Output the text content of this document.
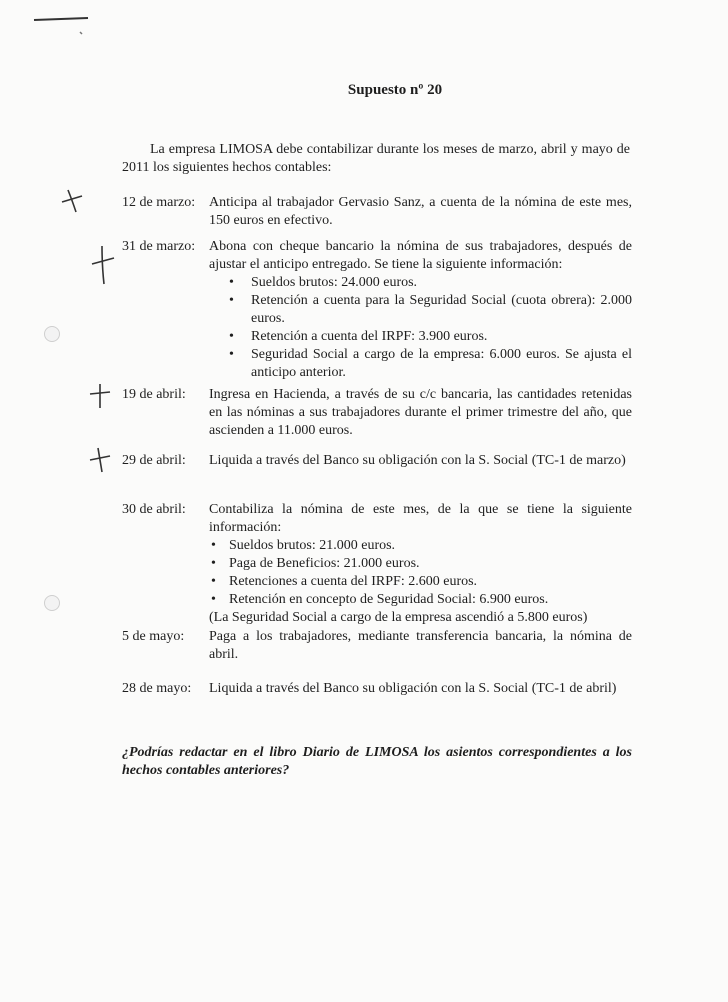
Supuesto nº 20
La empresa LIMOSA debe contabilizar durante los meses de marzo, abril y mayo de 2011 los siguientes hechos contables:
12 de marzo: Anticipa al trabajador Gervasio Sanz, a cuenta de la nómina de este mes, 150 euros en efectivo.

31 de marzo: Abona con cheque bancario la nómina de sus trabajadores, después de ajustar el anticipo entregado. Se tiene la siguiente información:

• Sueldos brutos: 24.000 euros.
• Retención a cuenta para la Seguridad Social (cuota obrera): 2.000 euros.
• Retención a cuenta del IRPF: 3.900 euros.
• Seguridad Social a cargo de la empresa: 6.000 euros. Se ajusta el anticipo anterior.
19 de abril:	Ingresa en Hacienda, a través de su c/c bancaria, las cantidades retenidas en las nóminas a sus trabajadores durante el primer trimestre del año, que ascienden a 11.000 euros.

29 de abril:	Liquida a través del Banco su obligación con la S. Social (TC-1 de marzo)

30 de abril:	Contabiliza la nómina de este mes, de la que se tiene la siguiente información:

• Sueldos brutos: 21.000 euros.
• Paga de Beneficios: 21.000 euros.
• Retenciones a cuenta del IRPF: 2.600 euros.
• Retención en concepto de Seguridad Social: 6.900 euros.

(La Seguridad Social a cargo de la empresa ascendió a 5.800 euros)

5 de mayo:	Paga a los trabajadores, mediante transferencia bancaria, la nómina de abril.

28 de mayo:	Liquida a través del Banco su obligación con la S. Social (TC-1 de abril)

¿Podrías redactar en el libro Diario de LIMOSA los asientos correspondientes a los hechos contables anteriores?
